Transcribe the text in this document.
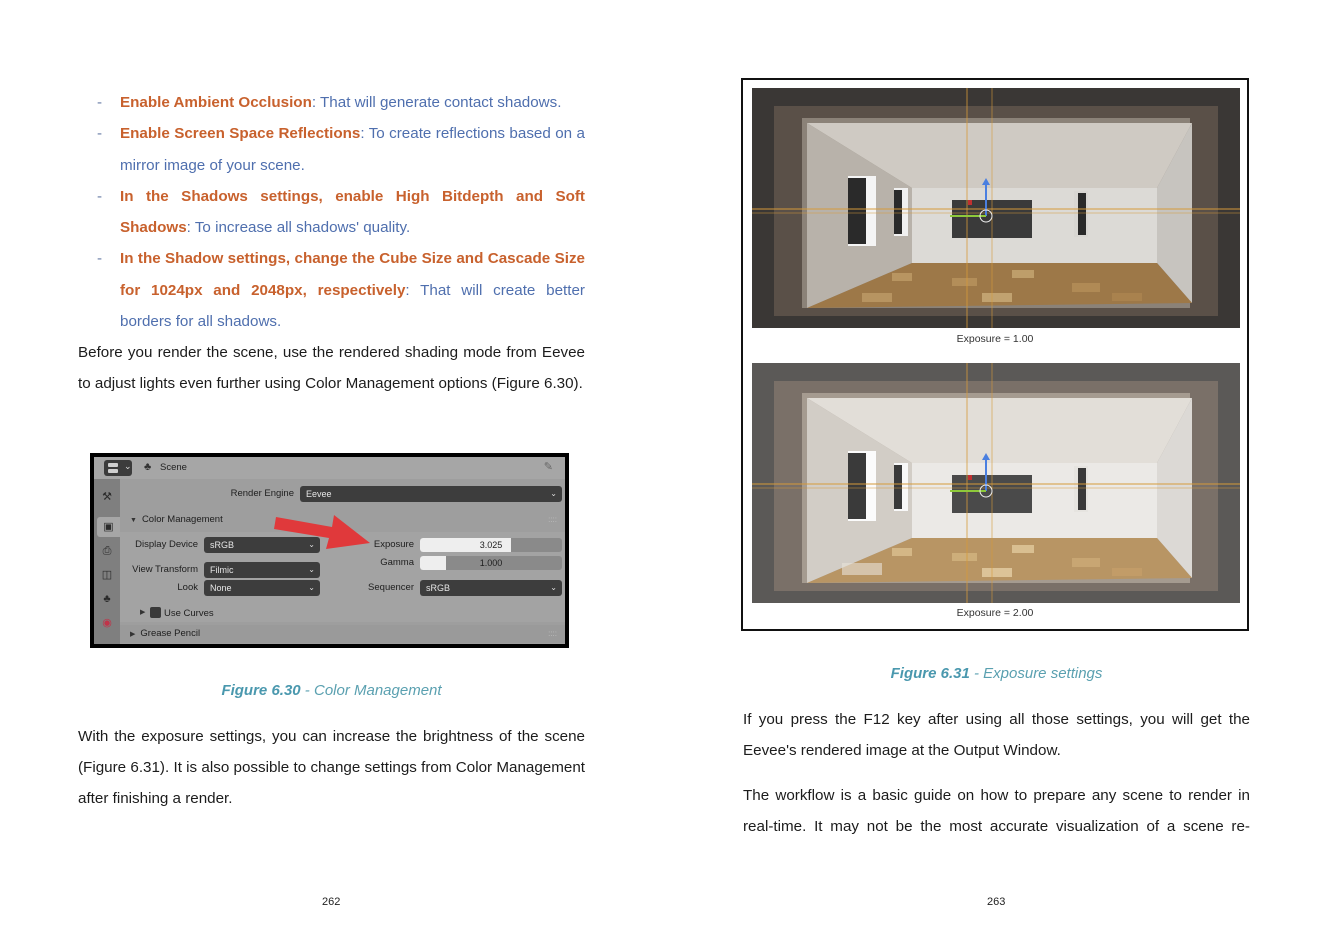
- Enable Ambient Occlusion: That will generate contact shadows.
- Enable Screen Space Reflections: To create reflections based on a mirror image of your scene.
- In the Shadows settings, enable High Bitdepth and Soft Shadows: To increase all shadows' quality.
- In the Shadow settings, change the Cube Size and Cascade Size for 1024px and 2048px, respectively: That will create better borders for all shadows.

Before you render the scene, use the rendered shading mode from Eevee to adjust lights even further using Color Management options (Figure 6.30).

⌄ ♣ Scene	✎
⚒
▣
⎙
◫
♣
◉
Render Engine	Eevee	⌄
▼ Color Management	::::
Display Device	sRGB	⌄
View Transform	Filmic	⌄
Look	None	⌄
Exposure	3.025
Gamma	1.000
Sequencer	sRGB	⌄
▶ Use Curves
▶ Grease Pencil	::::
Figure 6.30 - Color Management

With the exposure settings, you can increase the brightness of the scene (Figure 6.31). It is also possible to change settings from Color Management after finishing a render.

262
Exposure = 1.00
Exposure = 2.00
Figure 6.31 - Exposure settings

If you press the F12 key after using all those settings, you will get the Eevee's rendered image at the Output Window.

The workflow is a basic guide on how to prepare any scene to render in real-time. It may not be the most accurate visualization of a scene re-

263
